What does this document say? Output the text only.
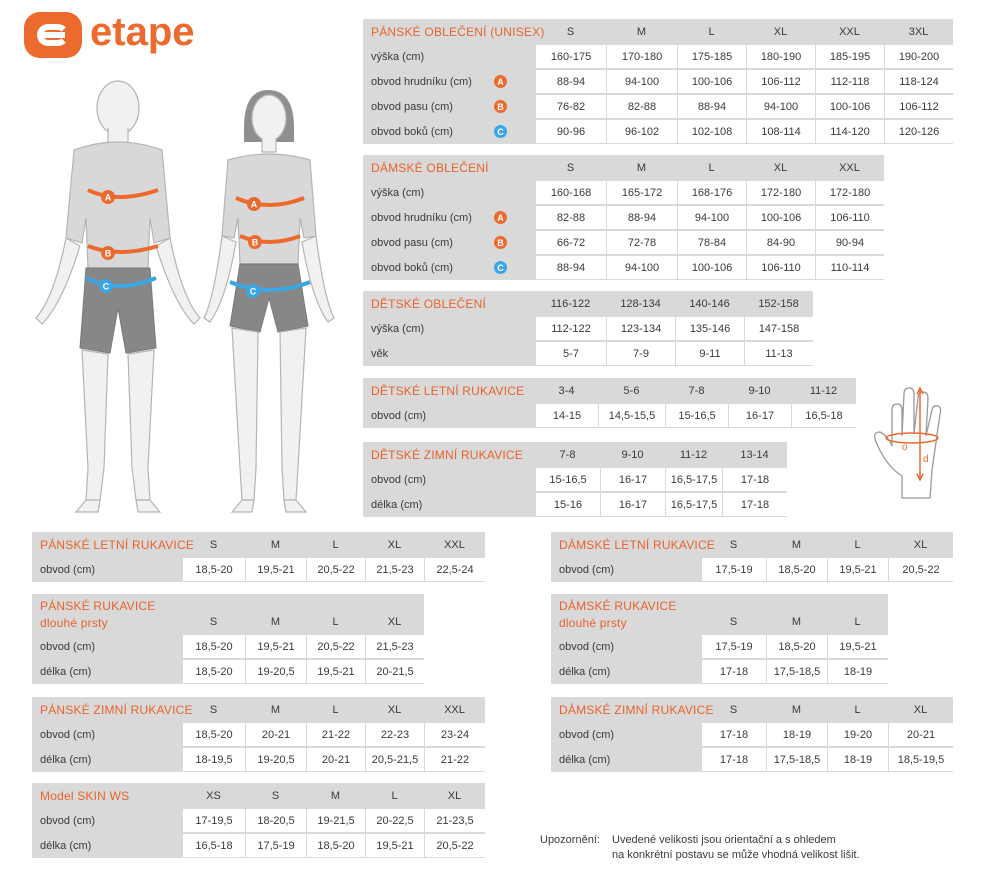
etape
A
B
C
A
B
C
o
d
PÁNSKÉ OBLEČENÍ (UNISEX)	S	M	L	XL	XXL	3XL
výška (cm)	160-175	170-180	175-185	180-190	185-195	190-200
obvod hrudníku (cm)	A	88-94	94-100	100-106	106-112	112-118	118-124
obvod pasu (cm)	B	76-82	82-88	88-94	94-100	100-106	106-112
obvod boků (cm)	C	90-96	96-102	102-108	108-114	114-120	120-126
DÁMSKÉ OBLEČENÍ	S	M	L	XL	XXL
výška (cm)	160-168	165-172	168-176	172-180	172-180
obvod hrudníku (cm)	A	82-88	88-94	94-100	100-106	106-110
obvod pasu (cm)	B	66-72	72-78	78-84	84-90	90-94
obvod boků (cm)	C	88-94	94-100	100-106	106-110	110-114
DĚTSKÉ OBLEČENÍ	116-122	128-134	140-146	152-158
výška (cm)	112-122	123-134	135-146	147-158
věk	5-7	7-9	9-11	11-13
DĚTSKÉ LETNÍ RUKAVICE	3-4	5-6	7-8	9-10	11-12
obvod (cm)	14-15	14,5-15,5	15-16,5	16-17	16,5-18
DĚTSKÉ ZIMNÍ RUKAVICE	7-8	9-10	11-12	13-14
obvod (cm)	15-16,5	16-17	16,5-17,5	17-18
délka (cm)	15-16	16-17	16,5-17,5	17-18
PÁNSKÉ LETNÍ RUKAVICE	S	M	L	XL	XXL
obvod (cm)	18,5-20	19,5-21	20,5-22	21,5-23	22,5-24
PÁNSKÉ RUKAVICE
dlouhé prsty	S	M	L	XL
obvod (cm)	18,5-20	19,5-21	20,5-22	21,5-23
délka (cm)	18,5-20	19-20,5	19,5-21	20-21,5
PÁNSKÉ ZIMNÍ RUKAVICE	S	M	L	XL	XXL
obvod (cm)	18,5-20	20-21	21-22	22-23	23-24
délka (cm)	18-19,5	19-20,5	20-21	20,5-21,5	21-22
Model SKIN WS	XS	S	M	L	XL
obvod (cm)	17-19,5	18-20,5	19-21,5	20-22,5	21-23,5
délka (cm)	16,5-18	17,5-19	18,5-20	19,5-21	20,5-22
DÁMSKÉ LETNÍ RUKAVICE	S	M	L	XL
obvod (cm)	17,5-19	18,5-20	19,5-21	20,5-22
DÁMSKÉ RUKAVICE
dlouhé prsty	S	M	L
obvod (cm)	17,5-19	18,5-20	19,5-21
délka (cm)	17-18	17,5-18,5	18-19
DÁMSKÉ ZIMNÍ RUKAVICE	S	M	L	XL
obvod (cm)	17-18	18-19	19-20	20-21
délka (cm)	17-18	17,5-18,5	18-19	18,5-19,5
Upozornění: Uvedené velikosti jsou orientační a s ohledem
na konkrétní postavu se může vhodná velikost lišit.
